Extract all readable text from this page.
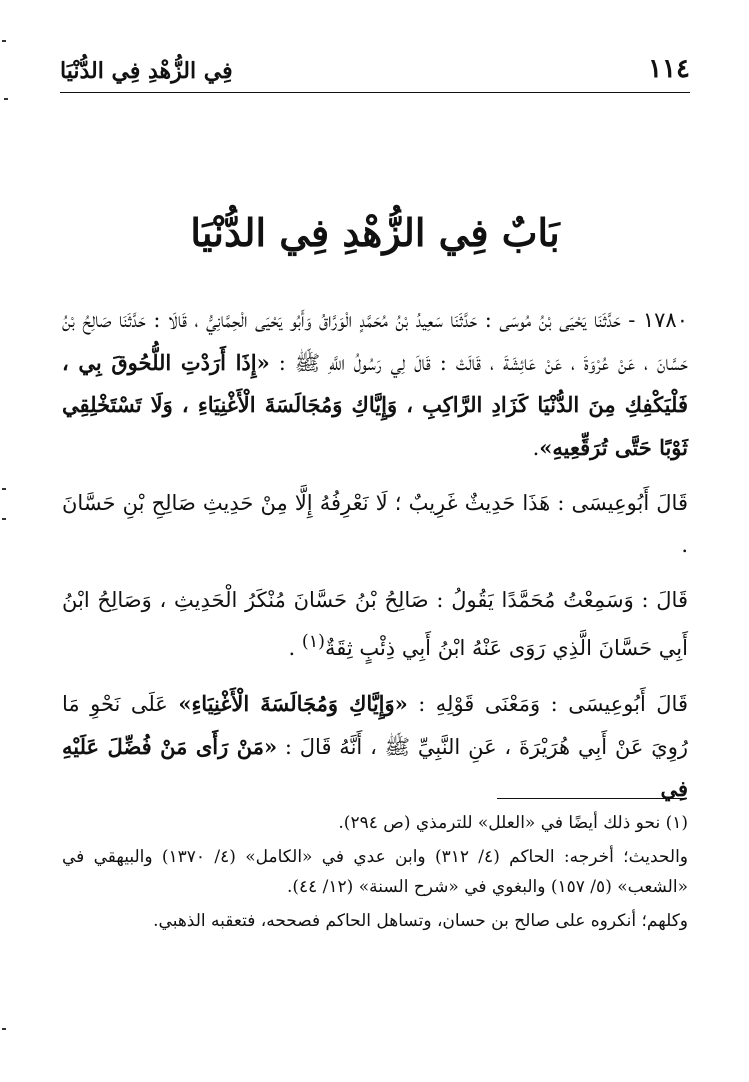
١١٤
فِي الزُّهْدِ فِي الدُّنْيَا
بَابٌ فِي الزُّهْدِ فِي الدُّنْيَا

١٧٨٠ - حَدَّثَنَا يَحْيَى بْنُ مُوسَى : حَدَّثَنَا سَعِيدُ بْنُ مُحَمَّدٍ الْوَرَّاقُ وَأَبُو يَحْيَى الْحِمَّانِيُّ ، قَالَا : حَدَّثَنَا صَالِحُ بْنُ حَسَّانَ ، عَنْ عُرْوَةَ ، عَنْ عَائِشَةَ ، قَالَتْ : قَالَ لِي رَسُولُ اللَّهِ ﷺ : «إِذَا أَرَدْتِ اللُّحُوقَ بِي ، فَلْيَكْفِكِ مِنَ الدُّنْيَا كَزَادِ الرَّاكِبِ ، وَإِيَّاكِ وَمُجَالَسَةَ الْأَغْنِيَاءِ ، وَلَا تَسْتَخْلِقِي ثَوْبًا حَتَّى تُرَقِّعِيهِ».

قَالَ أَبُوعِيسَى : هَذَا حَدِيثٌ غَرِيبٌ ؛ لَا نَعْرِفُهُ إِلَّا مِنْ حَدِيثِ صَالِحِ بْنِ حَسَّانَ .

قَالَ : وَسَمِعْتُ مُحَمَّدًا يَقُولُ : صَالِحُ بْنُ حَسَّانَ مُنْكَرُ الْحَدِيثِ ، وَصَالِحُ ابْنُ أَبِي حَسَّانَ الَّذِي رَوَى عَنْهُ ابْنُ أَبِي ذِئْبٍ ثِقَةٌ$^{(١)}$ .

قَالَ أَبُوعِيسَى : وَمَعْنَى قَوْلِهِ : «وَإِيَّاكِ وَمُجَالَسَةَ الْأَغْنِيَاءِ» عَلَى نَحْوِ مَا رُوِيَ عَنْ أَبِي هُرَيْرَةَ ، عَنِ النَّبِيِّ ﷺ ، أَنَّهُ قَالَ : «مَنْ رَأَى مَنْ فُضِّلَ عَلَيْهِ فِي

(١) نحو ذلك أيضًا في «العلل» للترمذي (ص ٢٩٤).

والحديث؛ أخرجه: الحاكم (٤/ ٣١٢) وابن عدي في «الكامل» (٤/ ١٣٧٠) والبيهقي في «الشعب» (٥/ ١٥٧) والبغوي في «شرح السنة» (١٢/ ٤٤).

وكلهم؛ أنكروه على صالح بن حسان، وتساهل الحاكم فصححه، فتعقبه الذهبي.
